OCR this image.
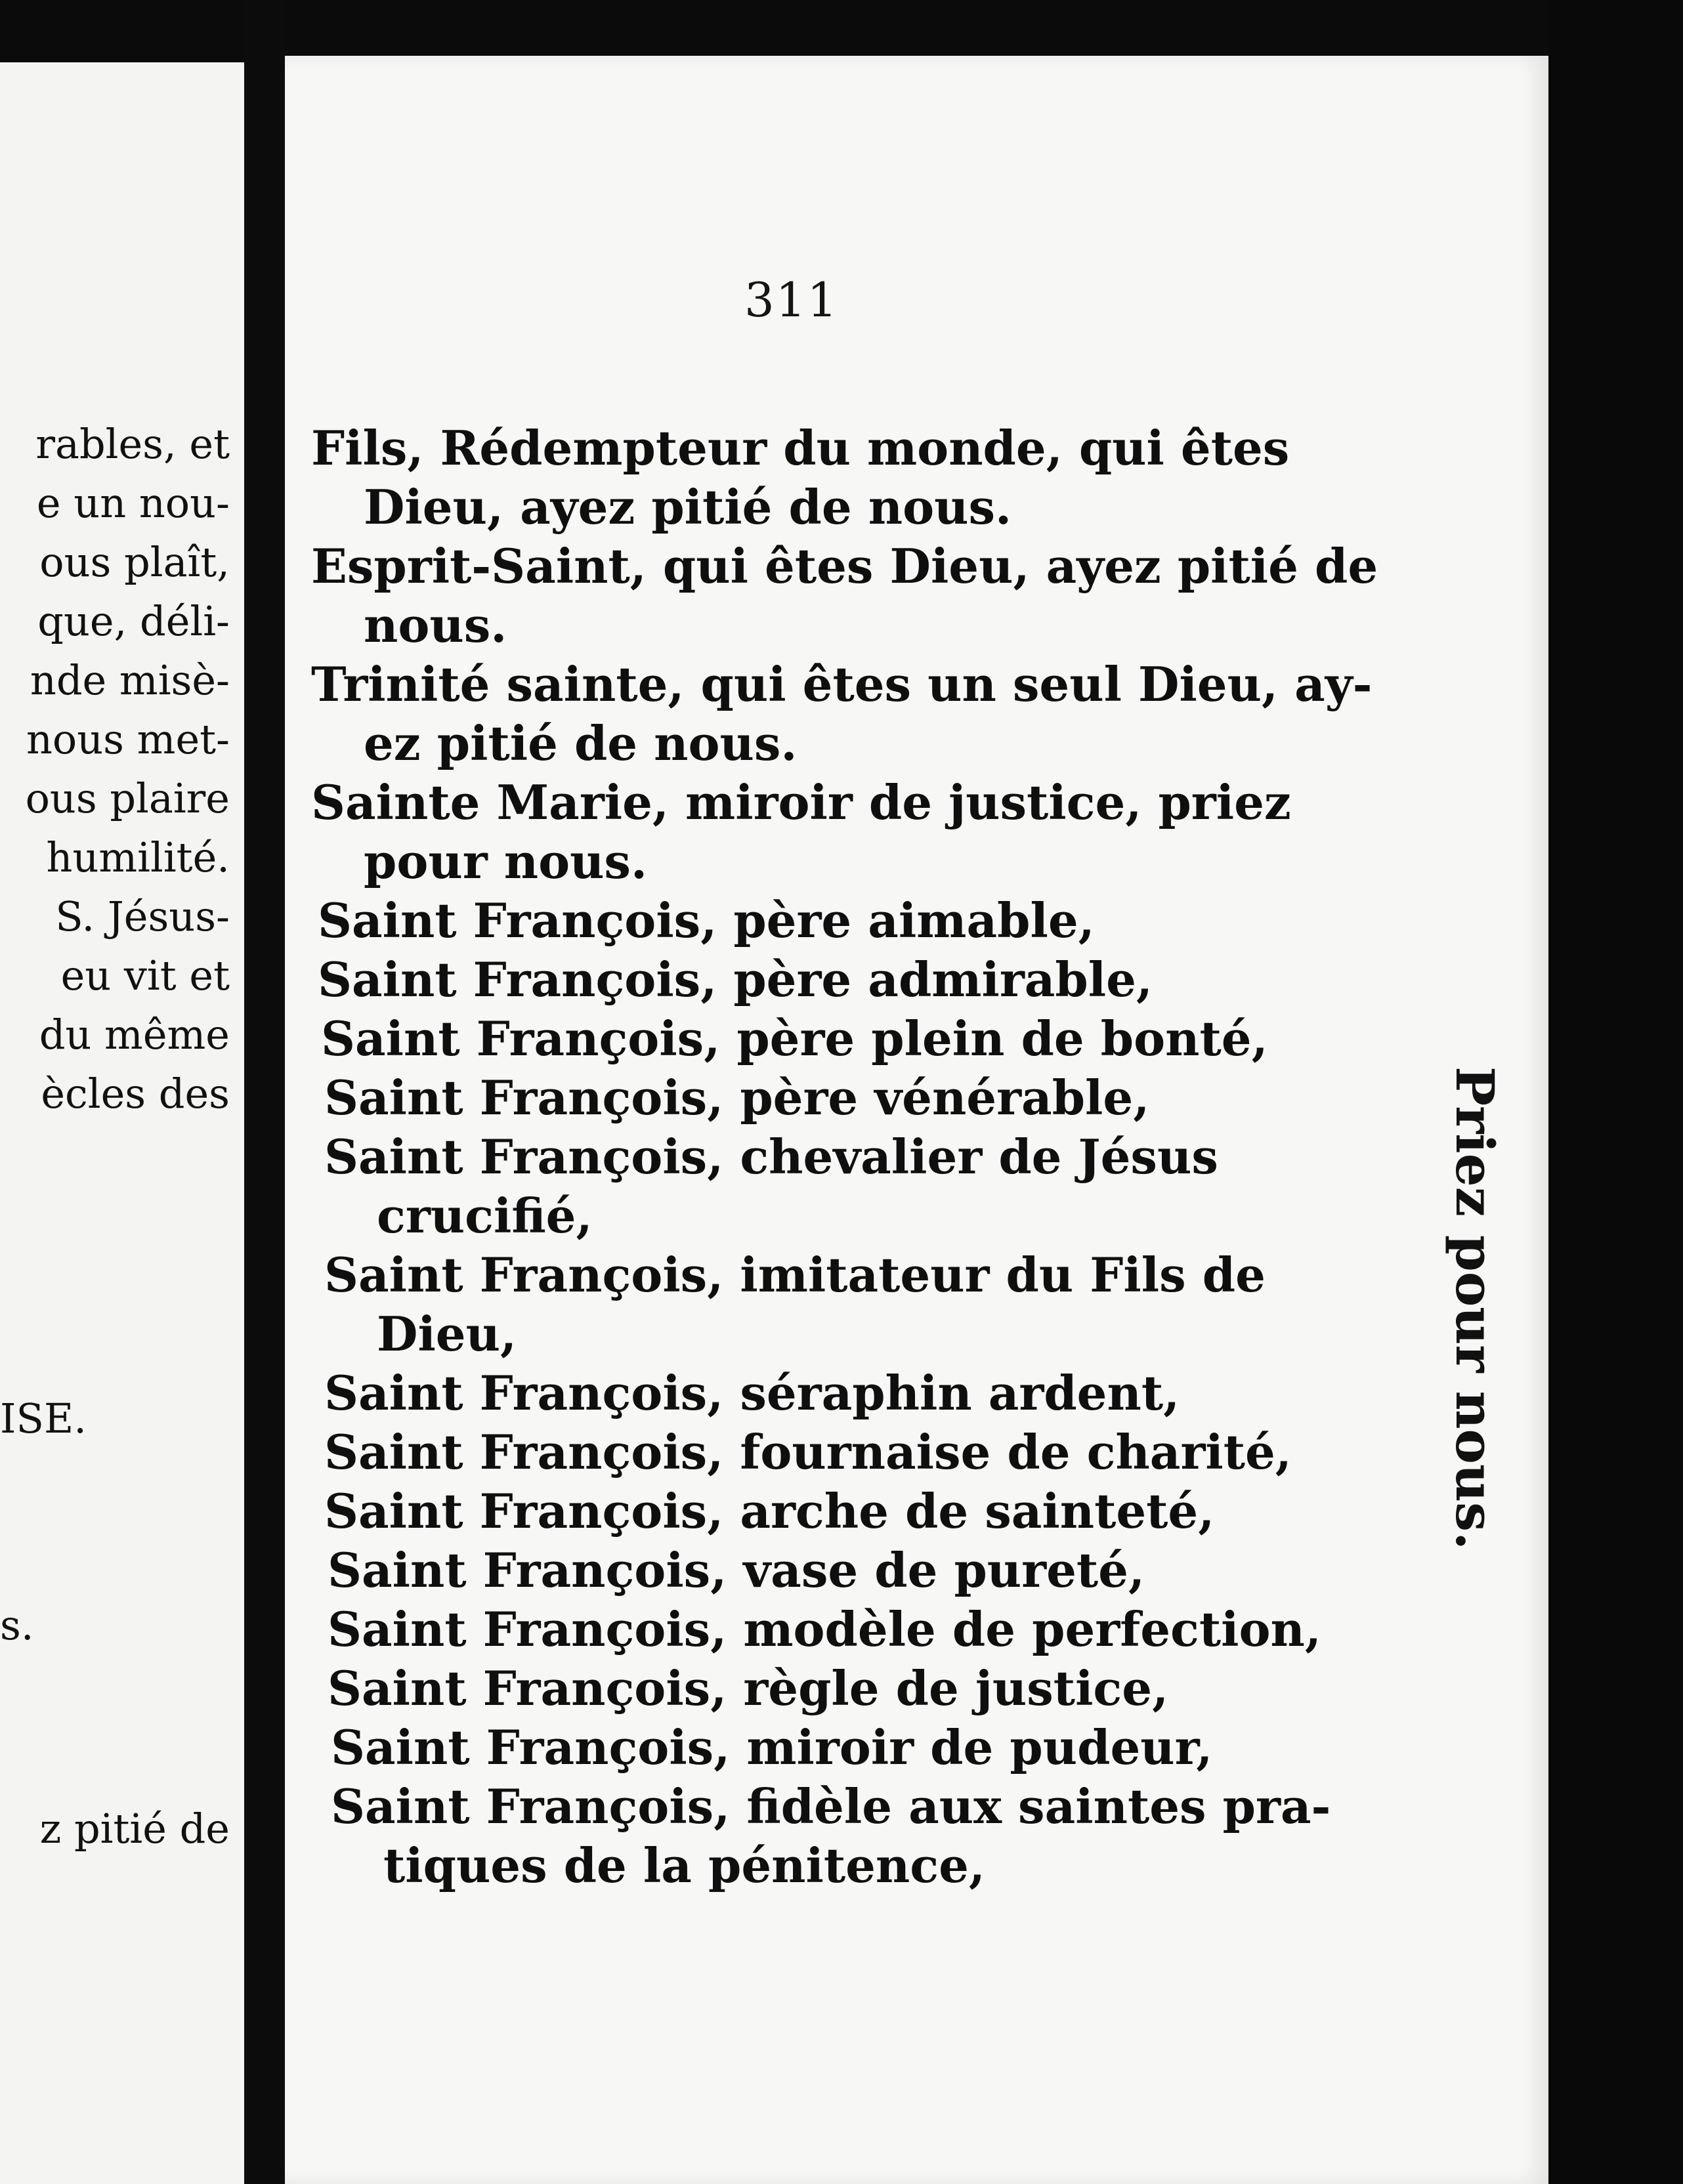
rables, et
e un nou-
ous plaît,
que, déli-
nde misè-
nous met-
ous plaire
humilité.
S. Jésus-
eu vit et
du même
ècles des
ISE.
s.
z pitié de
311
Fils, Rédempteur du monde, qui êtes
Dieu, ayez pitié de nous.
Esprit-Saint, qui êtes Dieu, ayez pitié de
nous.
Trinité sainte, qui êtes un seul Dieu, ay-
ez pitié de nous.
Sainte Marie, miroir de justice, priez
pour nous.
Saint François, père aimable,
Saint François, père admirable,
Saint François, père plein de bonté,
Saint François, père vénérable,
Saint François, chevalier de Jésus
crucifié,
Saint François, imitateur du Fils de
Dieu,
Saint François, séraphin ardent,
Saint François, fournaise de charité,
Saint François, arche de sainteté,
Saint François, vase de pureté,
Saint François, modèle de perfection,
Saint François, règle de justice,
Saint François, miroir de pudeur,
Saint François, fidèle aux saintes pra-
tiques de la pénitence,
Priez pour nous.
